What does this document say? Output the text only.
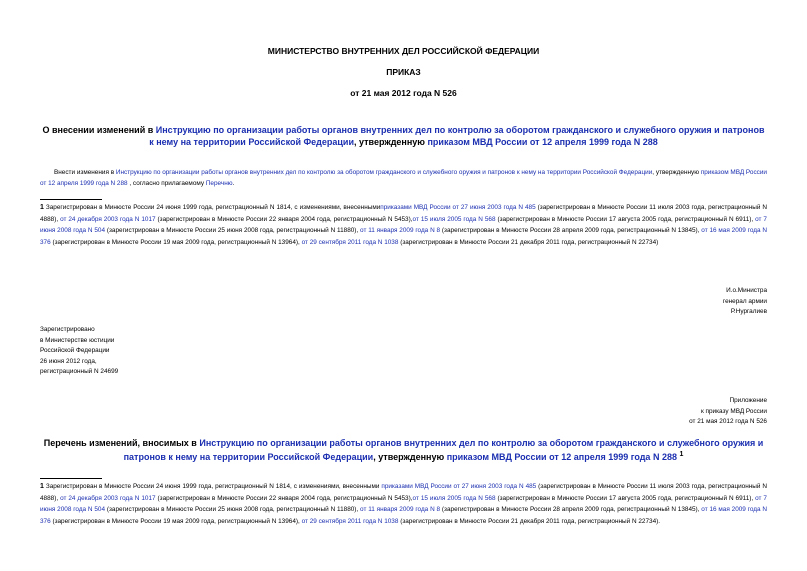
МИНИСТЕРСТВО ВНУТРЕННИХ ДЕЛ РОССИЙСКОЙ ФЕДЕРАЦИИ
ПРИКАЗ
от 21 мая 2012 года N 526
О внесении изменений в Инструкцию по организации работы органов внутренних дел по контролю за оборотом гражданского и служебного оружия и патронов к нему на территории Российской Федерации, утвержденную приказом МВД России от 12 апреля 1999 года N 288
Внести изменения в Инструкцию по организации работы органов внутренних дел по контролю за оборотом гражданского и служебного оружия и патронов к нему на территории Российской Федерации, утвержденную приказом МВД России от 12 апреля 1999 года N 288 , согласно прилагаемому Перечню.
1 Зарегистрирован в Минюсте России 24 июня 1999 года, регистрационный N 1814, с изменениями, внесеннымиприказами МВД России от 27 июня 2003 года N 485 (зарегистрирован в Минюсте России 11 июля 2003 года, регистрационный N 4888), от 24 декабря 2003 года N 1017 (зарегистрирован в Минюсте России 22 января 2004 года, регистрационный N 5453),от 15 июля 2005 года N 568 (зарегистрирован в Минюсте России 17 августа 2005 года, регистрационный N 6911), от 7 июня 2008 года N 504 (зарегистрирован в Минюсте России 25 июня 2008 года, регистрационный N 11880), от 11 января 2009 года N 8 (зарегистрирован в Минюсте России 28 апреля 2009 года, регистрационный N 13845), от 16 мая 2009 года N 376 (зарегистрирован в Минюсте России 19 мая 2009 года, регистрационный N 13964), от 29 сентября 2011 года N 1038 (зарегистрирован в Минюсте России 21 декабря 2011 года, регистрационный N 22734)
И.о.Министра
генерал армии
Р.Нургалиев
Зарегистрировано
в Министерстве юстиции
Российской Федерации
26 июня 2012 года,
регистрационный N 24699
Приложение
к приказу МВД России
от 21 мая 2012 года N 526
Перечень изменений, вносимых в Инструкцию по организации работы органов внутренних дел по контролю за оборотом гражданского и служебного оружия и патронов к нему на территории Российской Федерации, утвержденную приказом МВД России от 12 апреля 1999 года N 288 $^1$
1 Зарегистрирован в Минюсте России 24 июня 1999 года, регистрационный N 1814, с изменениями, внесенными приказами МВД России от 27 июня 2003 года N 485 (зарегистрирован в Минюсте России 11 июля 2003 года, регистрационный N 4888), от 24 декабря 2003 года N 1017 (зарегистрирован в Минюсте России 22 января 2004 года, регистрационный N 5453),от 15 июля 2005 года N 568 (зарегистрирован в Минюсте России 17 августа 2005 года, регистрационный N 6911), от 7 июня 2008 года N 504 (зарегистрирован в Минюсте России 25 июня 2008 года, регистрационный N 11880), от 11 января 2009 года N 8 (зарегистрирован в Минюсте России 28 апреля 2009 года, регистрационный N 13845), от 16 мая 2009 года N 376 (зарегистрирован в Минюсте России 19 мая 2009 года, регистрационный N 13964), от 29 сентября 2011 года N 1038 (зарегистрирован в Минюсте России 21 декабря 2011 года, регистрационный N 22734).
